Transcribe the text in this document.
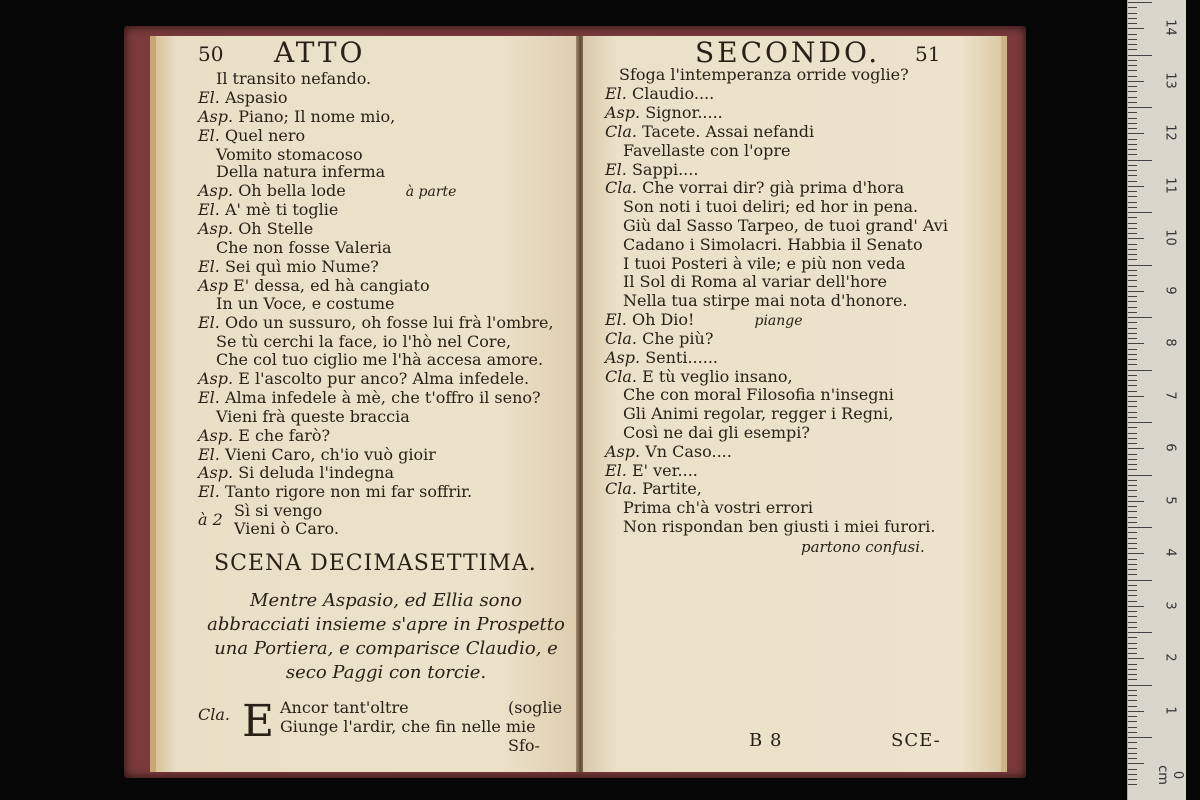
50 ATTO
Il transito nefando.
El. Aspasio
Asp. Piano; Il nome mio,
El. Quel nero
Vomito stomacoso
Della natura inferma
Asp. Oh bella lode	à parte
El. A' mè ti toglie
Asp. Oh Stelle
Che non fosse Valeria
El. Sei quì mio Nume?
Asp E' dessa, ed hà cangiato
In un Voce, e costume
El. Odo un sussuro, oh fosse lui frà l'ombre,
Se tù cerchi la face, io l'hò nel Core,
Che col tuo ciglio me l'hà accesa amore.
Asp. E l'ascolto pur anco? Alma infedele.
El. Alma infedele à mè, che t'offro il seno?
Vieni frà queste braccia
Asp. E che farò?
El. Vieni Caro, ch'io vuò gioir
Asp. Si deluda l'indegna
El. Tanto rigore non mi far soffrir.
Sì si vengo
à 2 Vieni ò Caro.
SCENA DECIMASETTIMA.
Mentre Aspasio, ed Ellia sono abbracciati insieme s'apre in Prospetto una Portiera, e comparisce Claudio, e seco Paggi con torcie.
Cla. E Ancor tant'oltre	(soglie
Giunge l'ardir, che fin nelle mie
Sfo-
SECONDO. 51
Sfoga l'intemperanza orride voglie?
El. Claudio....
Asp. Signor.....
Cla. Tacete. Assai nefandi
Favellaste con l'opre
El. Sappi....
Cla. Che vorrai dir? già prima d'hora
Son noti i tuoi deliri; ed hor in pena.
Giù dal Sasso Tarpeo, de tuoi grand' Avi
Cadano i Simolacri. Habbia il Senato
I tuoi Posteri à vile; e più non veda
Il Sol di Roma al variar dell'hore
Nella tua stirpe mai nota d'honore.
El. Oh Dio!	piange
Cla. Che più?
Asp. Senti......
Cla. E tù veglio insano,
Che con moral Filosofia n'insegni
Gli Animi regolar, regger i Regni,
Così ne dai gli esempi?
Asp. Vn Caso....
El. E' ver....
Cla. Partite,
Prima ch'à vostri errori
Non rispondan ben giusti i miei furori.
partono confusi.
B 8	SCE-
14
13
12
11
10
9
8
7
6
5
4
3
2
1
0 cm
